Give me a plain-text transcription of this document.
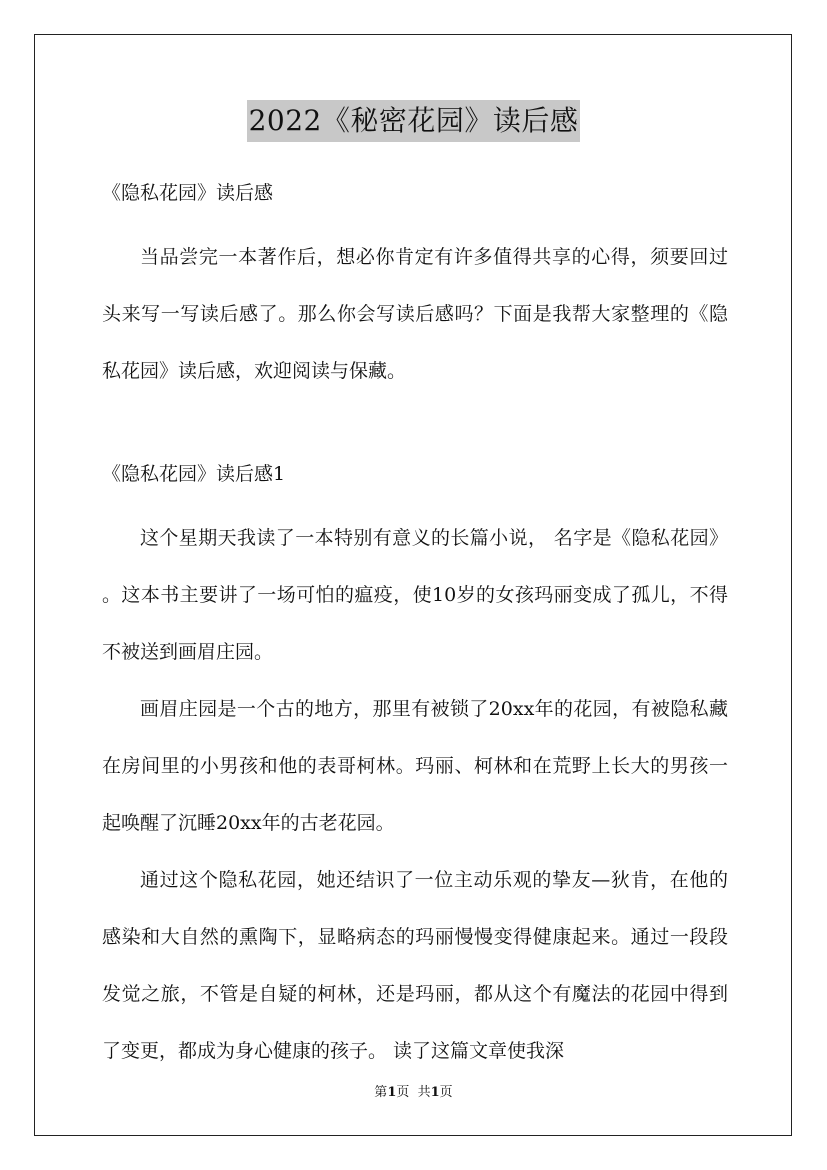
2022《秘密花园》读后感
《隐私花园》读后感

当品尝完一本著作后，想必你肯定有许多值得共享的心得，须要回过头来写一写读后感了。那么你会写读后感吗？下面是我帮大家整理的《隐私花园》读后感，欢迎阅读与保藏。

《隐私花园》读后感1

这个星期天我读了一本特别有意义的长篇小说， 名字是《隐私花园》 。这本书主要讲了一场可怕的瘟疫，使10岁的女孩玛丽变成了孤儿，不得不被送到画眉庄园。

画眉庄园是一个古的地方，那里有被锁了20xx年的花园，有被隐私藏在房间里的小男孩和他的表哥柯林。玛丽、柯林和在荒野上长大的男孩一起唤醒了沉睡20xx年的古老花园。

通过这个隐私花园，她还结识了一位主动乐观的挚友—狄肯，在他的感染和大自然的熏陶下，显略病态的玛丽慢慢变得健康起来。通过一段段发觉之旅，不管是自疑的柯林，还是玛丽，都从这个有魔法的花园中得到了变更，都成为身心健康的孩子。 读了这篇文章使我深

第1页  共1页
